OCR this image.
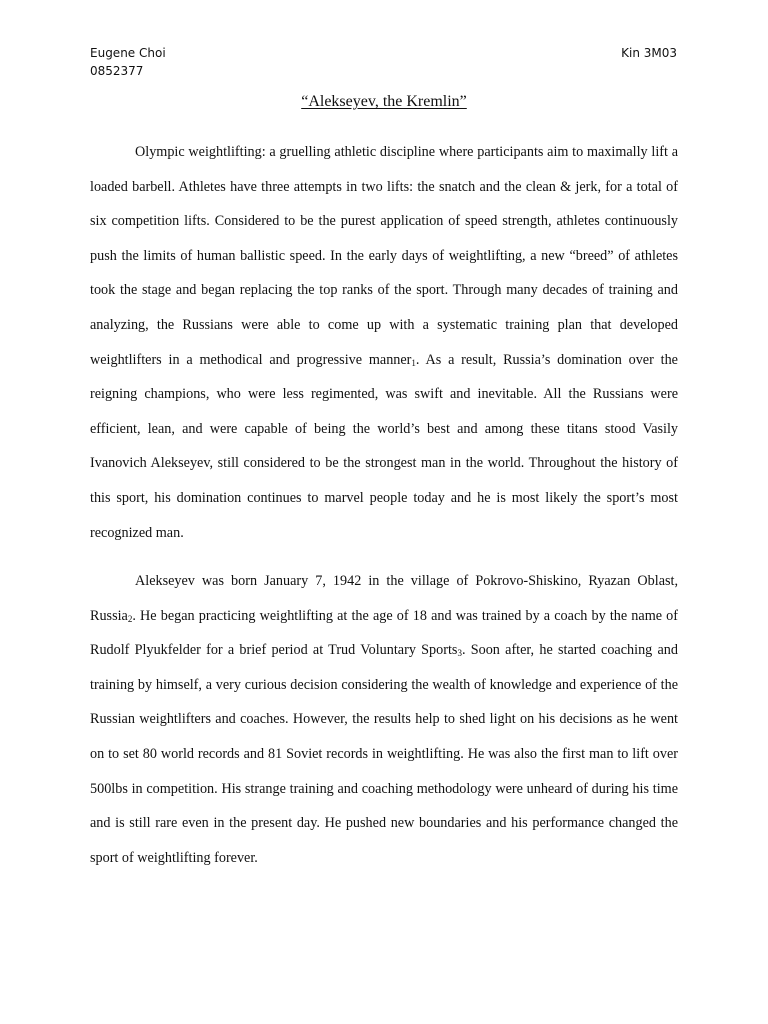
Eugene Choi
0852377
Kin 3M03
“Alekseyev, the Kremlin”

Olympic weightlifting: a gruelling athletic discipline where participants aim to maximally lift a loaded barbell. Athletes have three attempts in two lifts: the snatch and the clean & jerk, for a total of six competition lifts. Considered to be the purest application of speed strength, athletes continuously push the limits of human ballistic speed. In the early days of weightlifting, a new “breed” of athletes took the stage and began replacing the top ranks of the sport. Through many decades of training and analyzing, the Russians were able to come up with a systematic training plan that developed weightlifters in a methodical and progressive manner$_1$. As a result, Russia’s domination over the reigning champions, who were less regimented, was swift and inevitable. All the Russians were efficient, lean, and were capable of being the world’s best and among these titans stood Vasily Ivanovich Alekseyev, still considered to be the strongest man in the world. Throughout the history of this sport, his domination continues to marvel people today and he is most likely the sport’s most recognized man.

Alekseyev was born January 7, 1942 in the village of Pokrovo-Shiskino, Ryazan Oblast, Russia$_2$. He began practicing weightlifting at the age of 18 and was trained by a coach by the name of Rudolf Plyukfelder for a brief period at Trud Voluntary Sports$_3$. Soon after, he started coaching and training by himself, a very curious decision considering the wealth of knowledge and experience of the Russian weightlifters and coaches. However, the results help to shed light on his decisions as he went on to set 80 world records and 81 Soviet records in weightlifting. He was also the first man to lift over 500lbs in competition. His strange training and coaching methodology were unheard of during his time and is still rare even in the present day. He pushed new boundaries and his performance changed the sport of weightlifting forever.
